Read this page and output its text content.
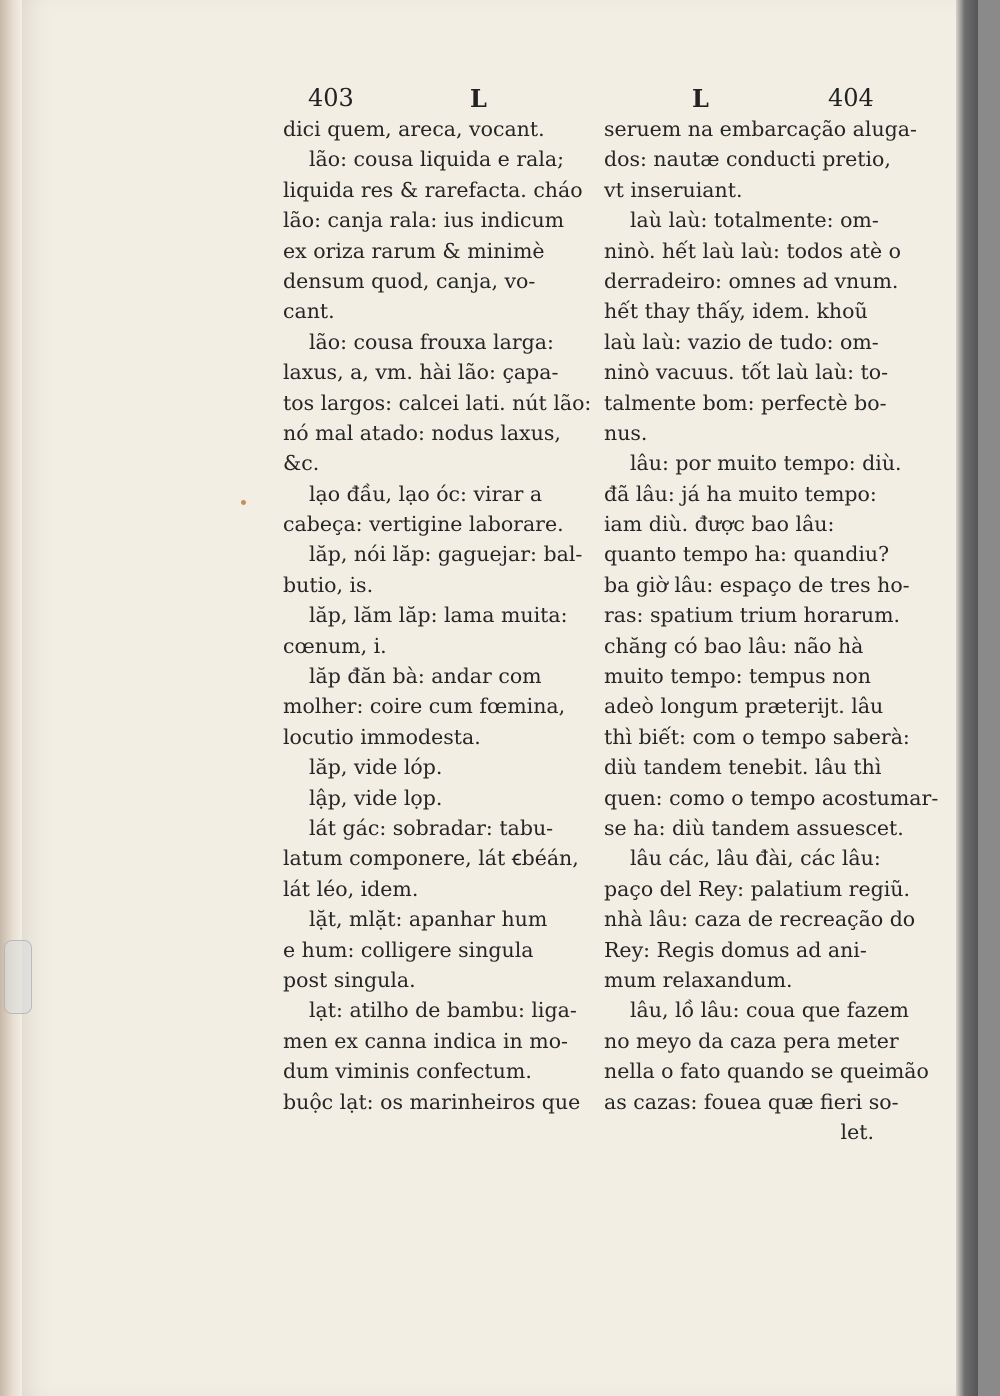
403	L	L	404
dici quem, areca, vocant.
lão: cousa liquida e rala;
liquida res & rarefacta. cháo
lão: canja rala: ius indicum
ex oriza rarum & minimè
densum quod, canja, vo-
cant.
lão: cousa frouxa larga:
laxus, a, vm. hài lão: çapa-
tos largos: calcei lati. nút lão:
nó mal atado: nodus laxus,
&c.
lạo đầu, lạo óc: virar a
cabeça: vertigine laborare.
lăp, nói lăp: gaguejar: bal-
butio, is.
lăp, lăm lăp: lama muita:
cœnum, i.
lăp đăn bà: andar com
molher: coire cum fœmina,
locutio immodesta.
lăp, vide lóp.
lập, vide lọp.
lát gác: sobradar: tabu-
latum componere, lát ꞓbéán,
lát léo, idem.
lặt, mlặt: apanhar hum
e hum: colligere singula
post singula.
lạt: atilho de bambu: liga-
men ex canna indica in mo-
dum viminis confectum.
buộc lạt: os marinheiros que
seruem na embarcação aluga-
dos: nautæ conducti pretio,
vt inseruiant.
laù laù: totalmente: om-
ninò. hết laù laù: todos atè o
derradeiro: omnes ad vnum.
hết thay thấy, idem. khoũ
laù laù: vazio de tudo: om-
ninò vacuus. tốt laù laù: to-
talmente bom: perfectè bo-
nus.
lâu: por muito tempo: diù.
đã lâu: já ha muito tempo:
iam diù. được bao lâu:
quanto tempo ha: quandiu?
ba giờ lâu: espaço de tres ho-
ras: spatium trium horarum.
chăng có bao lâu: não hà
muito tempo: tempus non
adeò longum præterijt. lâu
thì biết: com o tempo saberà:
diù tandem tenebit. lâu thì
quen: como o tempo acostumar-
se ha: diù tandem assuescet.
lâu các, lâu đài, các lâu:
paço del Rey: palatium regiũ.
nhà lâu: caza de recreação do
Rey: Regis domus ad ani-
mum relaxandum.
lâu, lồ lâu: coua que fazem
no meyo da caza pera meter
nella o fato quando se queimão
as cazas: fouea quæ fieri so-
let.
